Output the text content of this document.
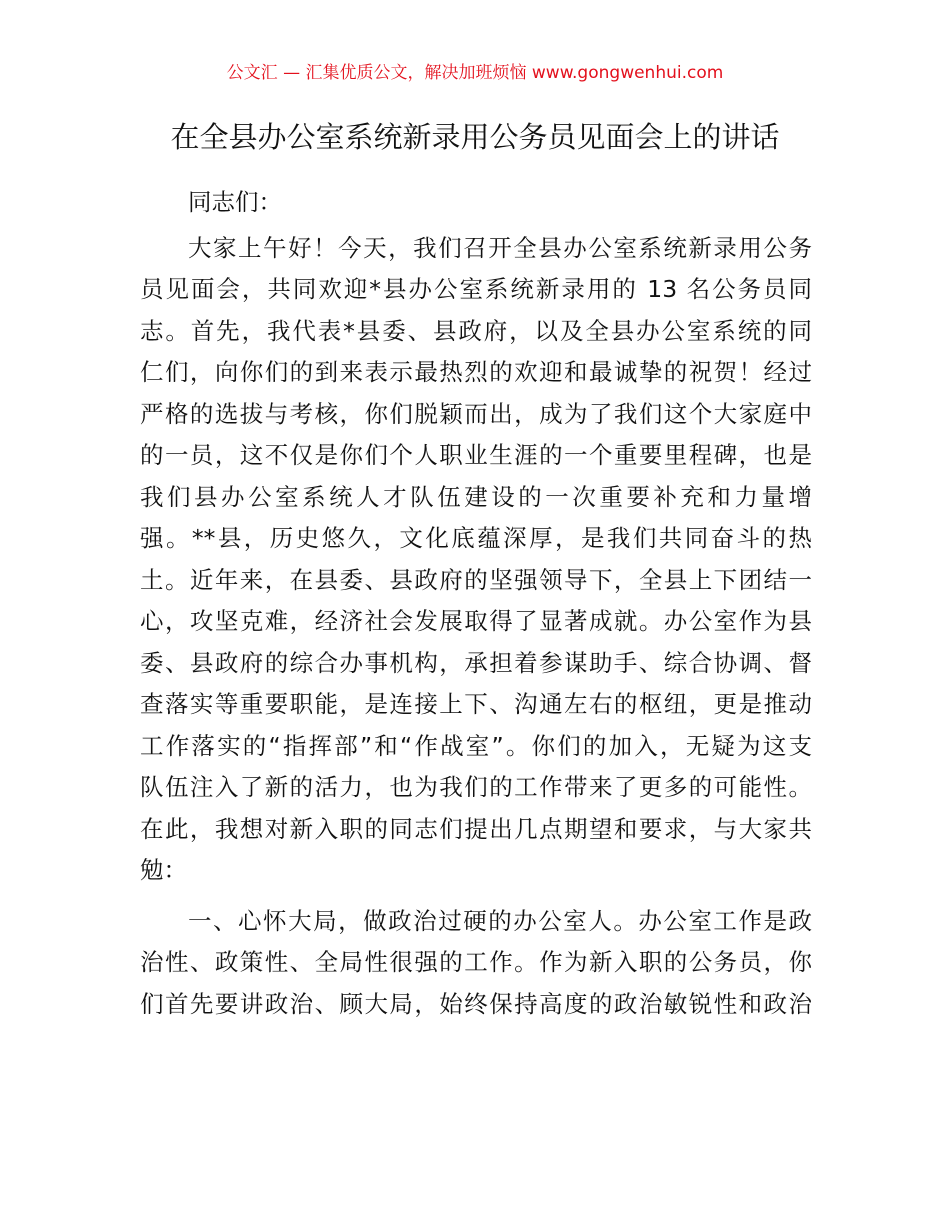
公文汇 — 汇集优质公文，解决加班烦恼 www.gongwenhui.com
在全县办公室系统新录用公务员见面会上的讲话
同志们：
大家上午好！今天，我们召开全县办公室系统新录用公务
员见面会，共同欢迎*县办公室系统新录用的 13 名公务员同
志。首先，我代表*县委、县政府，以及全县办公室系统的同
仁们，向你们的到来表示最热烈的欢迎和最诚挚的祝贺！经过
严格的选拔与考核，你们脱颖而出，成为了我们这个大家庭中
的一员，这不仅是你们个人职业生涯的一个重要里程碑，也是
我们县办公室系统人才队伍建设的一次重要补充和力量增
强。**县，历史悠久，文化底蕴深厚，是我们共同奋斗的热
土。近年来，在县委、县政府的坚强领导下，全县上下团结一
心，攻坚克难，经济社会发展取得了显著成就。办公室作为县
委、县政府的综合办事机构，承担着参谋助手、综合协调、督
查落实等重要职能，是连接上下、沟通左右的枢纽，更是推动
工作落实的“指挥部”和“作战室”。你们的加入，无疑为这支
队伍注入了新的活力，也为我们的工作带来了更多的可能性。
在此，我想对新入职的同志们提出几点期望和要求，与大家共
勉：
一、心怀大局，做政治过硬的办公室人。办公室工作是政
治性、政策性、全局性很强的工作。作为新入职的公务员，你
们首先要讲政治、顾大局，始终保持高度的政治敏锐性和政治
